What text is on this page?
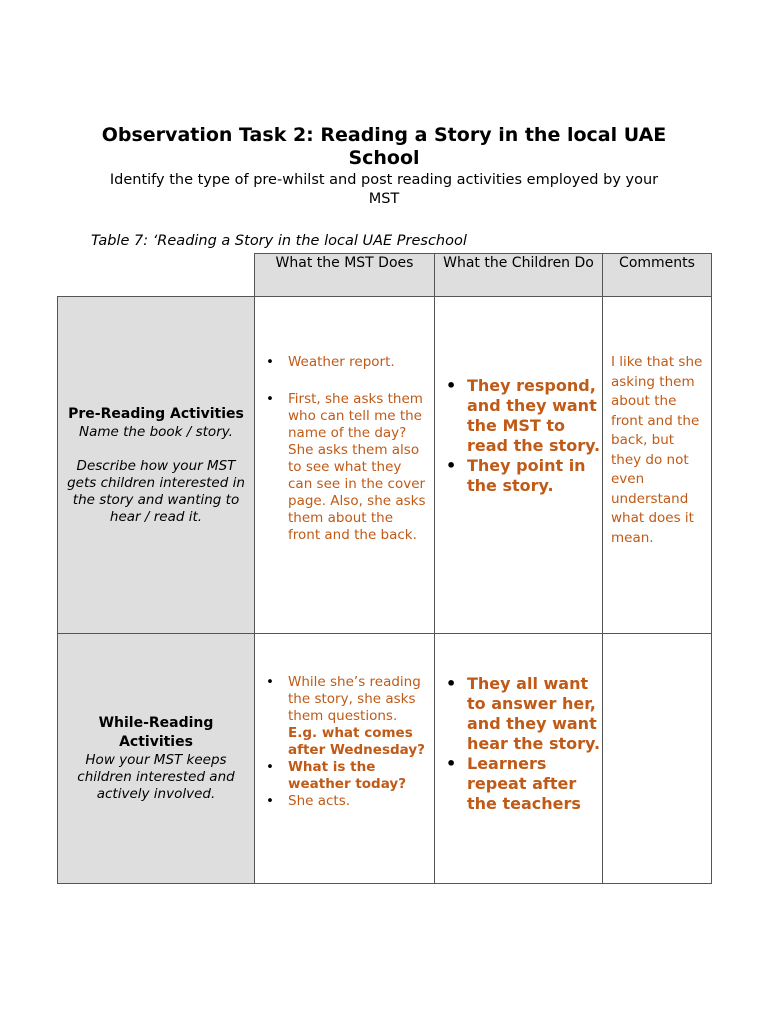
Observation Task 2: Reading a Story in the local UAE School
Identify the type of pre-whilst and post reading activities employed by your MST
Table 7: ‘Reading a Story in the local UAE Preschool
What the MST Does	What the Children Do	Comments
Pre-Reading Activities
Name the book / story.
Describe how your MST gets children interested in the story and wanting to hear / read it.
• Weather report.
• First, she asks them who can tell me the name of the day? She asks them also to see what they can see in the cover page. Also, she asks them about the front and the back.
• They respond, and they want the MST to read the story.
• They point in the story.
I like that she asking them about the front and the back, but they do not even understand what does it mean.
While-Reading Activities
How your MST keeps children interested and actively involved.
• While she’s reading the story, she asks them questions. E.g. what comes after Wednesday?
• What is the weather today?
• She acts.
• They all want to answer her, and they want hear the story.
• Learners repeat after the teachers
